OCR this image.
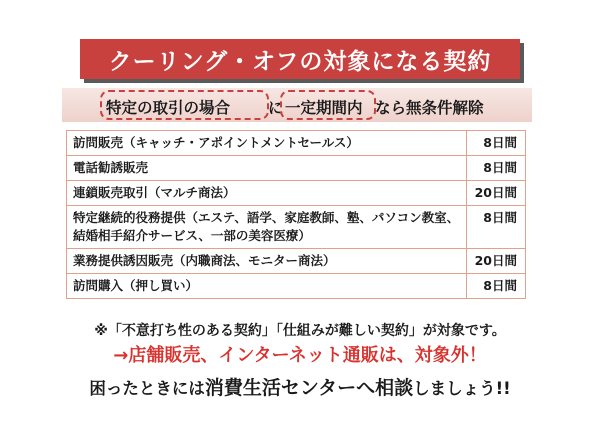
クーリング・オフの対象になる契約
特定の取引の場合 に 一定期間内 なら無条件解除
訪問販売（キャッチ・アポイントメントセールス）	8日間

電話勧誘販売	8日間

連鎖販売取引（マルチ商法）	20日間

特定継続的役務提供（エステ、語学、家庭教師、塾、パソコン教室、
結婚相手紹介サービス、一部の美容医療）	8日間

業務提供誘因販売（内職商法、モニター商法）	20日間

訪問購入（押し買い）	8日間
※「不意打ち性のある契約」「仕組みが難しい契約」が対象です。
→店舗販売、インターネット通販は、対象外！
困ったときには消費生活センターへ相談しましょう!!
